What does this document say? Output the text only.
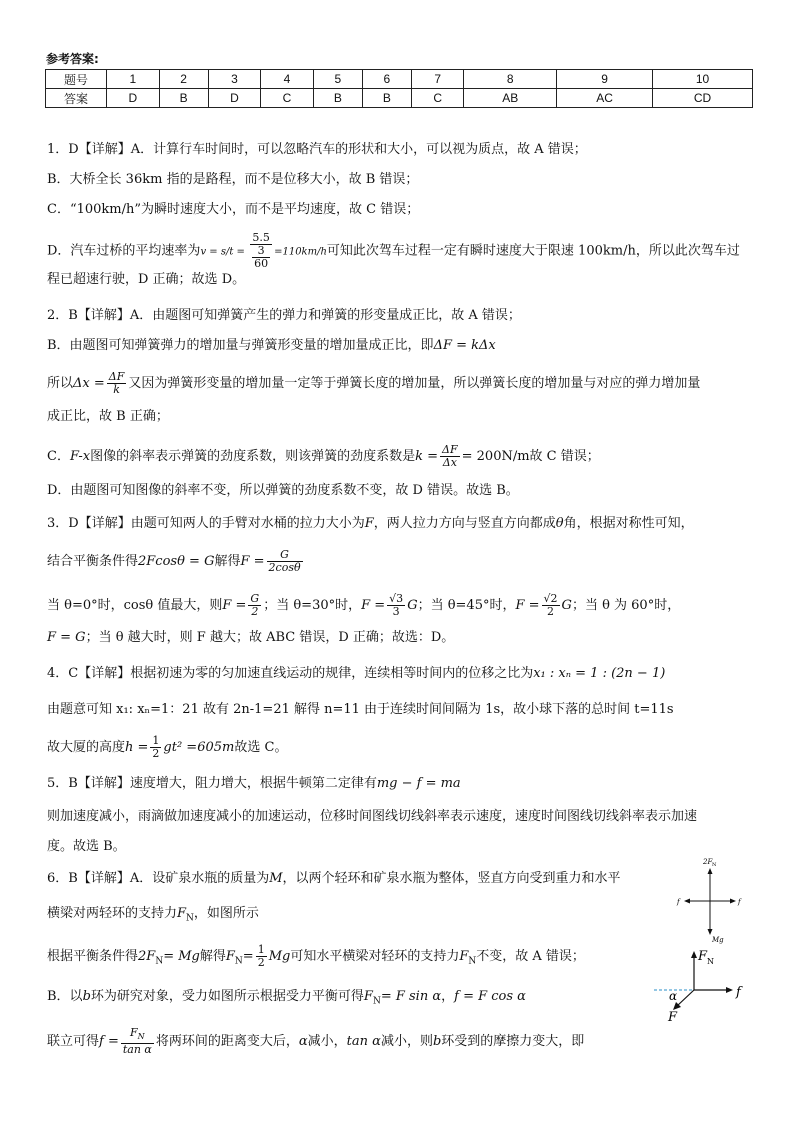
参考答案:
题号	1	2	3	4	5	6	7	8	9	10
答案	D	B	D	C	B	B	C	AB	AC	CD
1．D【详解】A．计算行车时间时，可以忽略汽车的形状和大小，可以视为质点，故 A 错误；
B．大桥全长 36km 指的是路程，而不是位移大小，故 B 错误；
C．“100km/h”为瞬时速度大小，而不是平均速度，故 C 错误；
D．汽车过桥的平均速率为$v = s/t = \frac{5.5}{\frac{3}{60}} =110km/h$可知此次驾车过程一定有瞬时速度大于限速 100km/h，所以此次驾车过
程已超速行驶，D 正确；故选 D。
2．B【详解】A．由题图可知弹簧产生的弹力和弹簧的形变量成正比，故 A 错误；
B．由题图可知弹簧弹力的增加量与弹簧形变量的增加量成正比，即ΔF = kΔx
所以$\Delta x = \frac{\Delta F}{k}$ 又因为弹簧形变量的增加量一定等于弹簧长度的增加量，所以弹簧长度的增加量与对应的弹力增加量
成正比，故 B 正确；
C．F-x图像的斜率表示弹簧的劲度系数，则该弹簧的劲度系数是$k = \frac{\Delta F}{\Delta x} = 200N/m$故 C 错误；
D．由题图可知图像的斜率不变，所以弹簧的劲度系数不变，故 D 错误。故选 B。
3．D【详解】由题可知两人的手臂对水桶的拉力大小为F，两人拉力方向与竖直方向都成θ角，根据对称性可知，
结合平衡条件得2Fcosθ = G解得$F = \frac{G}{2\cos\theta}$
当 θ=0°时，cosθ 值最大，则$F = \frac{G}{2}$ ；当 θ=30°时，$F = \frac{√3}{3}$ G；当 θ=45°时，$F = \frac{√2}{2}$ G；当 θ 为 60°时，
F = G；当 θ 越大时，则 F 越大；故 ABC 错误，D 正确；故选：D。
4．C【详解】根据初速为零的匀加速直线运动的规律，连续相等时间内的位移之比为x₁ : xₙ = 1 : (2n − 1)
由题意可知 x₁: xₙ=1：21 故有 2n-1=21 解得 n=11 由于连续时间间隔为 1s，故小球下落的总时间 t=11s
故大厦的高度$h = \frac{1}{2} gt^2 =605m$故选 C。
5．B【详解】速度增大，阻力增大，根据牛顿第二定律有mg − f = ma
则加速度减小，雨滴做加速度减小的加速运动，位移时间图线切线斜率表示速度，速度时间图线切线斜率表示加速
度。故选 B。
6．B【详解】A．设矿泉水瓶的质量为M，以两个轻环和矿泉水瓶为整体，竖直方向受到重力和水平
横梁对两轻环的支持力$F_N$，如图所示
根据平衡条件得$2F_N= Mg$解得$F_N= \frac{1}{2}$ Mg可知水平横梁对轻环的支持力$F_N$不变，故 A 错误；
B．以b环为研究对象，受力如图所示根据受力平衡可得$F_N= F$ sin α，f = F cos α
联立可得$f = \frac{F_N}{\text{tan α}}$ 将两环间的距离变大后，α减小，tan α减小，则b环受到的摩擦力变大，即
2F N
f	f
Mg
F N
f
α
F
